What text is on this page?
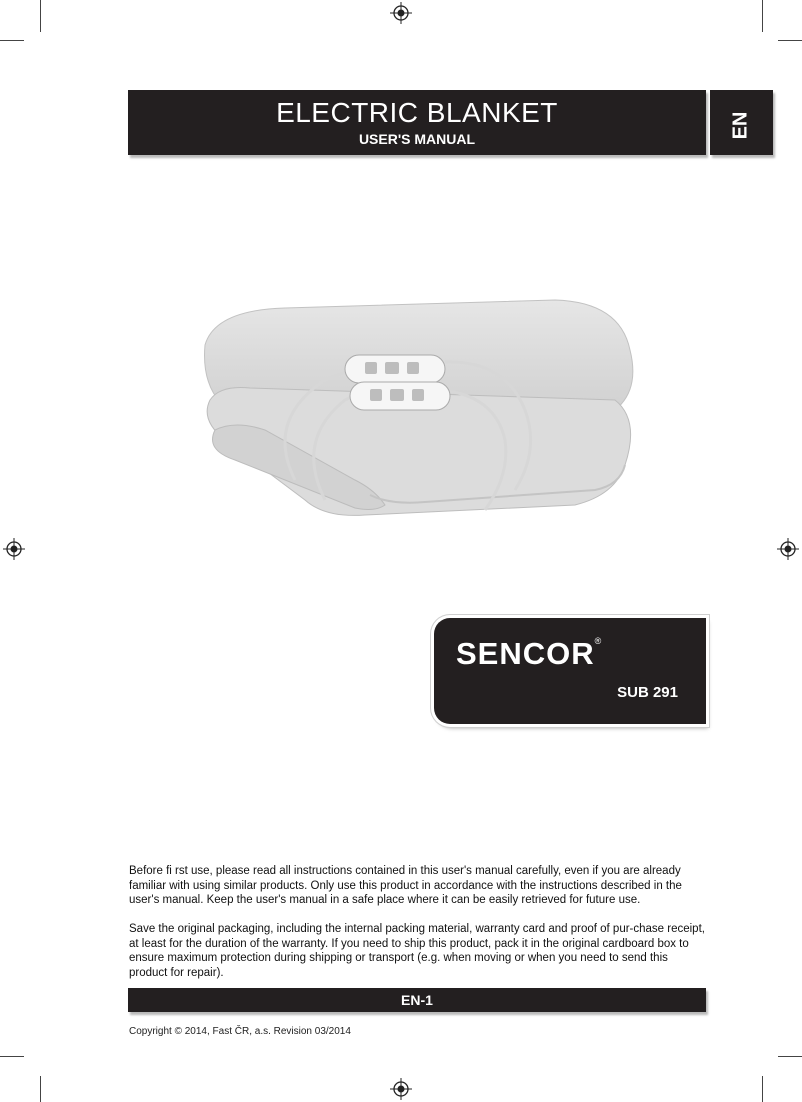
ELECTRIC BLANKET
USER'S MANUAL	EN
SENCOR®
SUB 291
Before fi rst use, please read all instructions contained in this user's manual carefully, even if you are already familiar with using similar products. Only use this product in accordance with the instructions described in the user's manual. Keep the user's manual in a safe place where it can be easily retrieved for future use.
Save the original packaging, including the internal packing material, warranty card and proof of pur-chase receipt, at least for the duration of the warranty. If you need to ship this product, pack it in the original cardboard box to ensure maximum protection during shipping or transport (e.g. when moving or when you need to send this product for repair).
EN-1
Copyright © 2014, Fast ČR, a.s. Revision 03/2014
